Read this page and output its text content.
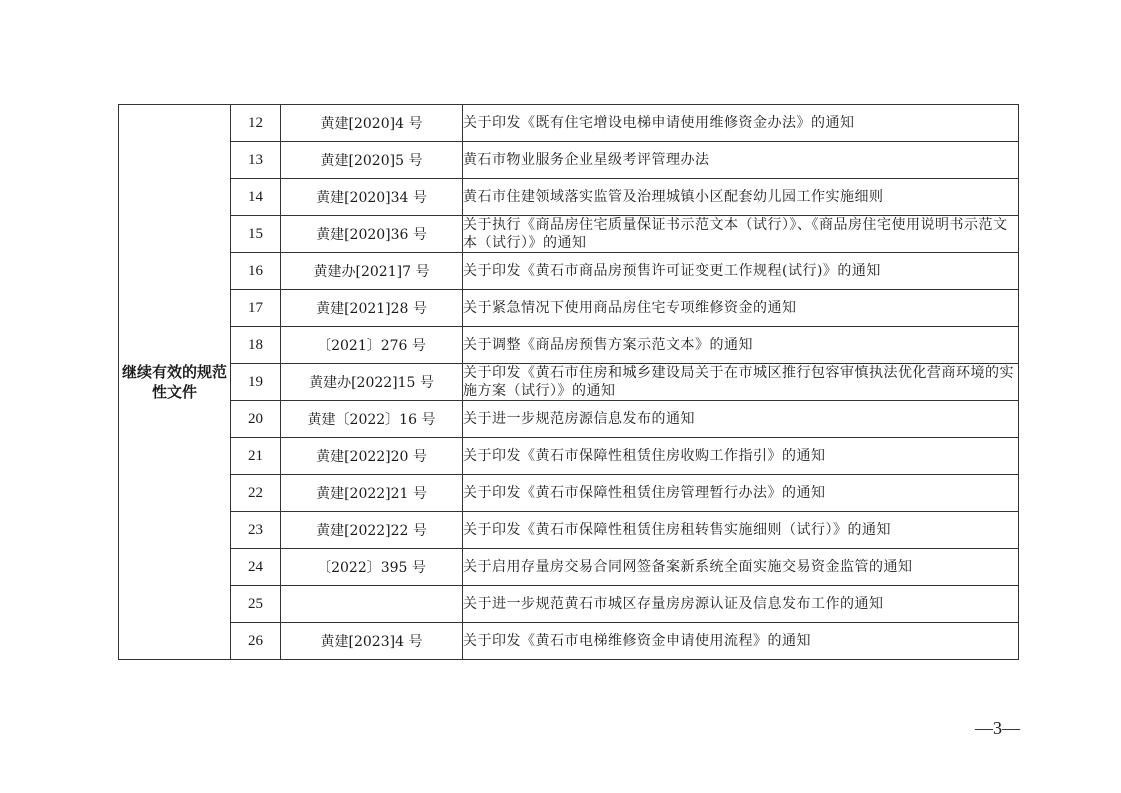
继续有效的规范性文件	12	黄建[2020]4 号	关于印发《既有住宅增设电梯申请使用维修资金办法》的通知
	13	黄建[2020]5 号	黄石市物业服务企业星级考评管理办法
	14	黄建[2020]34 号	黄石市住建领域落实监管及治理城镇小区配套幼儿园工作实施细则
	15	黄建[2020]36 号	关于执行《商品房住宅质量保证书示范文本（试行）》、《商品房住宅使用说明书示范文本（试行）》的通知
	16	黄建办[2021]7 号	关于印发《黄石市商品房预售许可证变更工作规程(试行)》的通知
	17	黄建[2021]28 号	关于紧急情况下使用商品房住宅专项维修资金的通知
	18	〔2021〕276 号	关于调整《商品房预售方案示范文本》的通知
	19	黄建办[2022]15 号	关于印发《黄石市住房和城乡建设局关于在市城区推行包容审慎执法优化营商环境的实施方案（试行）》的通知
	20	黄建〔2022〕16 号	关于进一步规范房源信息发布的通知
	21	黄建[2022]20 号	关于印发《黄石市保障性租赁住房收购工作指引》的通知
	22	黄建[2022]21 号	关于印发《黄石市保障性租赁住房管理暂行办法》的通知
	23	黄建[2022]22 号	关于印发《黄石市保障性租赁住房租转售实施细则（试行）》的通知
	24	〔2022〕395 号	关于启用存量房交易合同网签备案新系统全面实施交易资金监管的通知
	25		关于进一步规范黄石市城区存量房房源认证及信息发布工作的通知
	26	黄建[2023]4 号	关于印发《黄石市电梯维修资金申请使用流程》的通知
—3—
